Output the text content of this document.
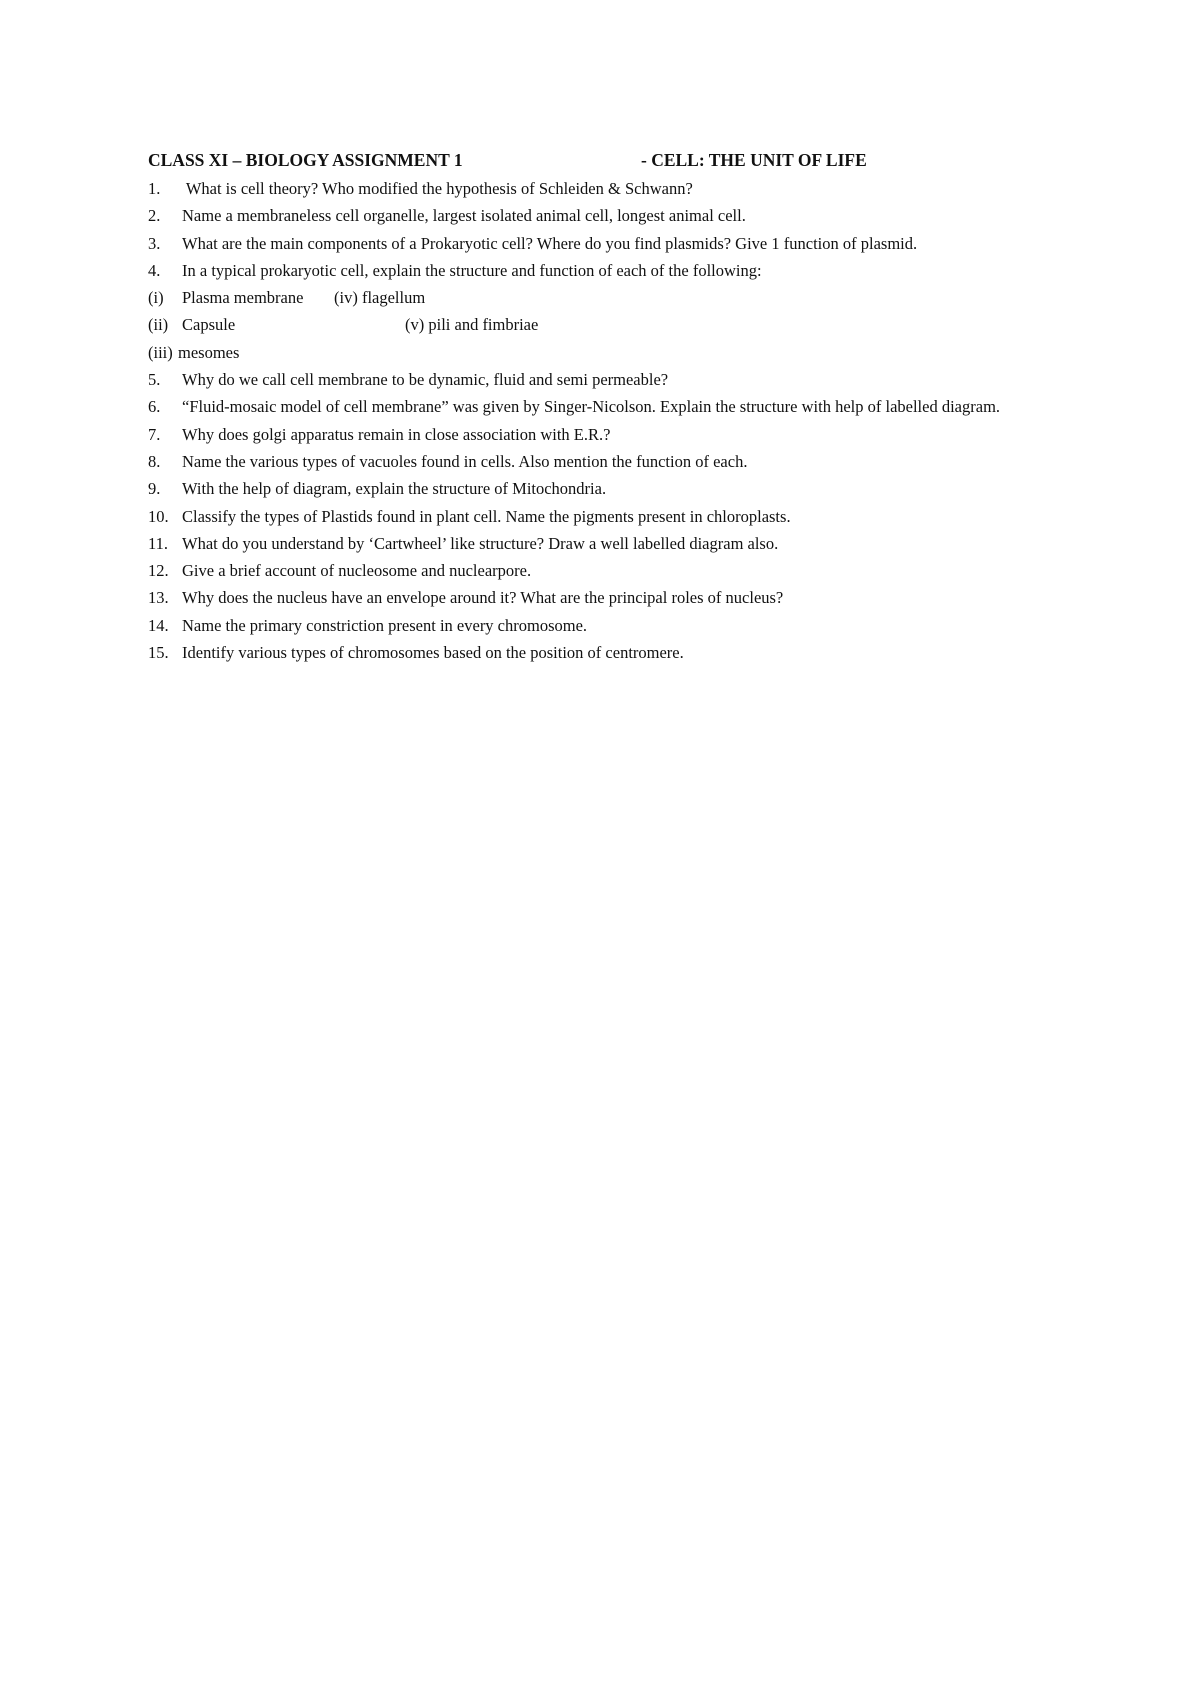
CLASS XI – BIOLOGY ASSIGNMENT 1	- CELL: THE UNIT OF LIFE
1. What is cell theory? Who modified the hypothesis of Schleiden & Schwann?
2. Name a membraneless cell organelle, largest isolated animal cell, longest animal cell.
3. What are the main components of a Prokaryotic cell? Where do you find plasmids? Give 1 function of plasmid.
4. In a typical prokaryotic cell, explain the structure and function of each of the following:
(i) Plasma membrane (iv) flagellum
(ii) Capsule	(v) pili and fimbriae
(iii) mesomes
5. Why do we call cell membrane to be dynamic, fluid and semi permeable?
6. “Fluid-mosaic model of cell membrane” was given by Singer-Nicolson. Explain the structure with help of labelled diagram.
7. Why does golgi apparatus remain in close association with E.R.?
8. Name the various types of vacuoles found in cells. Also mention the function of each.
9. With the help of diagram, explain the structure of Mitochondria.
10. Classify the types of Plastids found in plant cell. Name the pigments present in chloroplasts.
11. What do you understand by ‘Cartwheel’ like structure? Draw a well labelled diagram also.
12. Give a brief account of nucleosome and nuclearpore.
13. Why does the nucleus have an envelope around it? What are the principal roles of nucleus?
14. Name the primary constriction present in every chromosome.
15. Identify various types of chromosomes based on the position of centromere.
